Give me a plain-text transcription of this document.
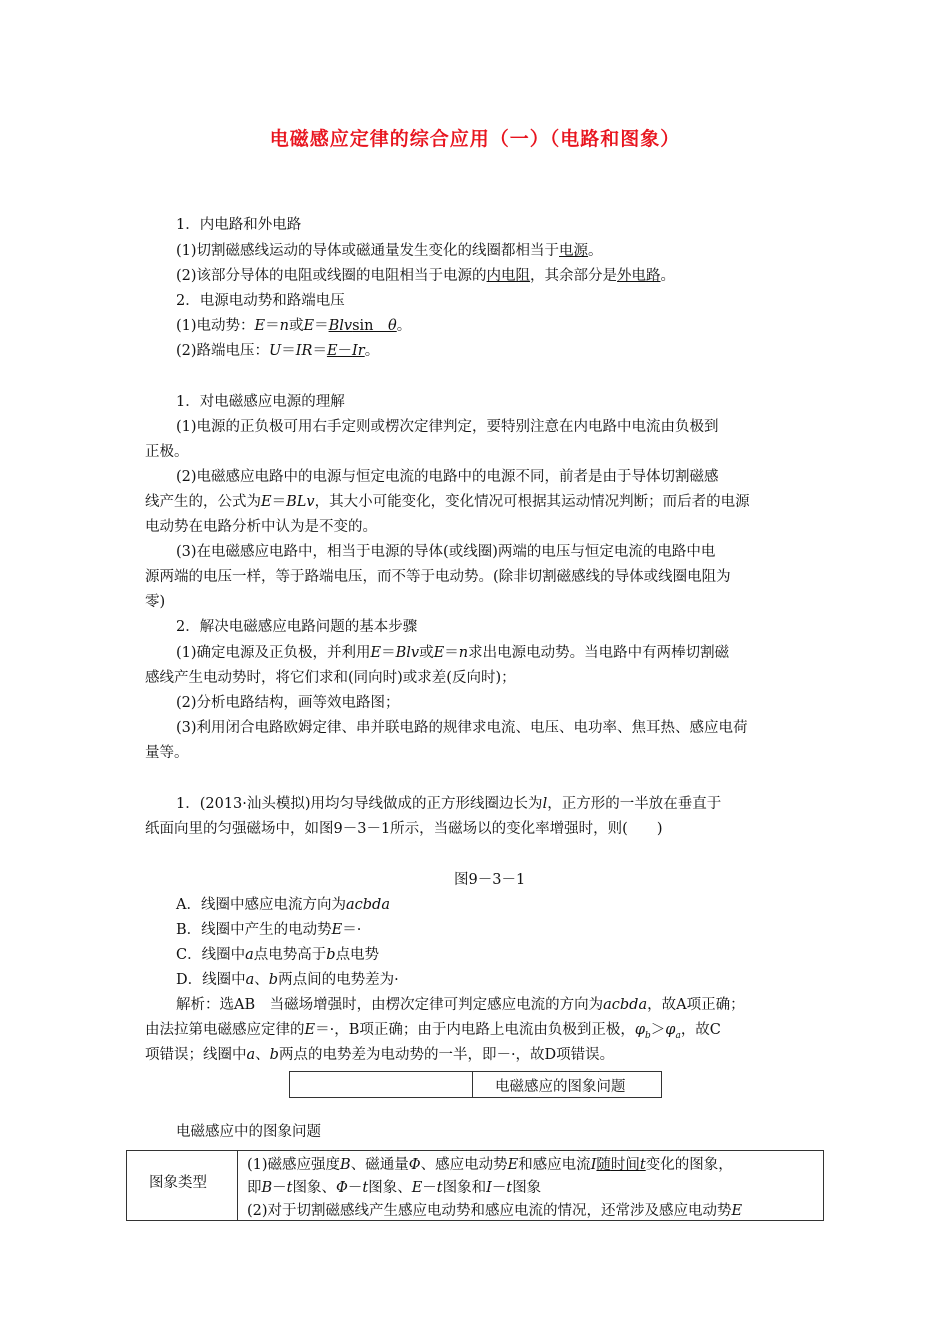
电磁感应定律的综合应用（一）（电路和图象）
1．内电路和外电路
(1)切割磁感线运动的导体或磁通量发生变化的线圈都相当于电源。
(2)该部分导体的电阻或线圈的电阻相当于电源的内电阻，其余部分是外电路。
2．电源电动势和路端电压
(1)电动势：E＝n或E＝Blvsin　θ。
(2)路端电压：U＝IR＝E－Ir。
1．对电磁感应电源的理解
(1)电源的正负极可用右手定则或楞次定律判定，要特别注意在内电路中电流由负极到
正极。
(2)电磁感应电路中的电源与恒定电流的电路中的电源不同，前者是由于导体切割磁感
线产生的，公式为E＝BLv，其大小可能变化，变化情况可根据其运动情况判断；而后者的电源
电动势在电路分析中认为是不变的。
(3)在电磁感应电路中，相当于电源的导体(或线圈)两端的电压与恒定电流的电路中电
源两端的电压一样，等于路端电压，而不等于电动势。(除非切割磁感线的导体或线圈电阻为
零)
2．解决电磁感应电路问题的基本步骤
(1)确定电源及正负极，并利用E＝Blv或E＝n求出电源电动势。当电路中有两棒切割磁
感线产生电动势时，将它们求和(同向时)或求差(反向时)；
(2)分析电路结构，画等效电路图；
(3)利用闭合电路欧姆定律、串并联电路的规律求电流、电压、电功率、焦耳热、感应电荷
量等。
1．(2013·汕头模拟)用均匀导线做成的正方形线圈边长为l，正方形的一半放在垂直于
纸面向里的匀强磁场中，如图9－3－1所示，当磁场以的变化率增强时，则(　　)
图9－3－1
A．线圈中感应电流方向为acbda
B．线圈中产生的电动势E＝·
C．线圈中a点电势高于b点电势
D．线圈中a、b两点间的电势差为·
解析：选AB　当磁场增强时，由楞次定律可判定感应电流的方向为acbda，故A项正确；
由法拉第电磁感应定律的E＝·，B项正确；由于内电路上电流由负极到正极，$\varphi_b>\varphi_a$，故C
项错误；线圈中a、b两点的电势差为电动势的一半，即－·，故D项错误。
电磁感应的图象问题
电磁感应中的图象问题
图象类型
(1)磁感应强度B、磁通量Φ、感应电动势E和感应电流I随时间t变化的图象，
即B－t图象、Φ－t图象、E－t图象和I－t图象
(2)对于切割磁感线产生感应电动势和感应电流的情况，还常涉及感应电动势E
